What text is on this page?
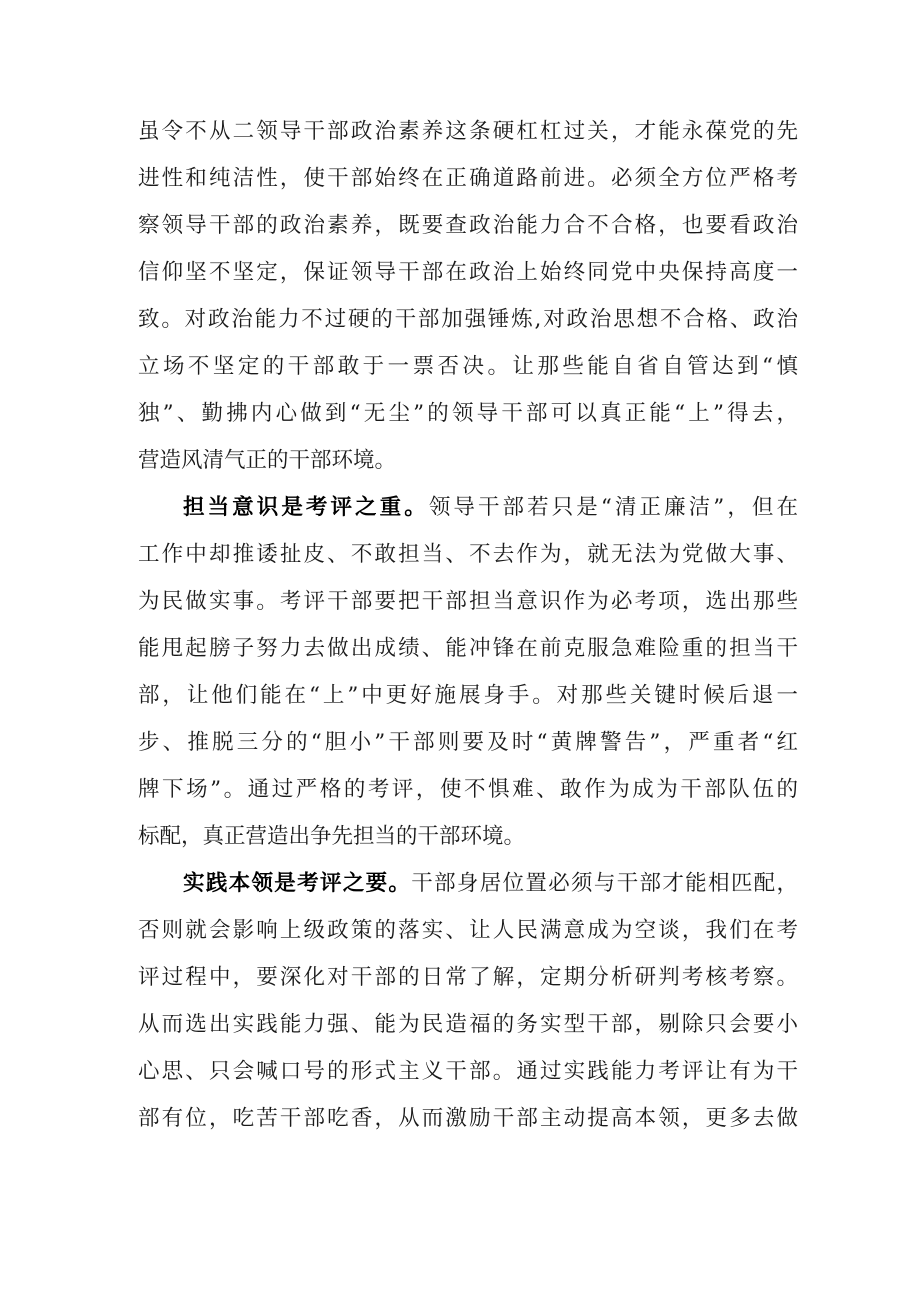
虽令不从二领导干部政治素养这条硬杠杠过关，才能永葆党的先
进性和纯洁性，使干部始终在正确道路前进。必须全方位严格考
察领导干部的政治素养，既要查政治能力合不合格，也要看政治
信仰坚不坚定，保证领导干部在政治上始终同党中央保持高度一
致。对政治能力不过硬的干部加强锤炼,对政治思想不合格、政治
立场不坚定的干部敢于一票否决。让那些能自省自管达到“慎
独”、勤拂内心做到“无尘”的领导干部可以真正能“上”得去，
营造风清气正的干部环境。
担当意识是考评之重。领导干部若只是“清正廉洁”，但在
工作中却推诿扯皮、不敢担当、不去作为，就无法为党做大事、
为民做实事。考评干部要把干部担当意识作为必考项，选出那些
能甩起膀子努力去做出成绩、能冲锋在前克服急难险重的担当干
部，让他们能在“上”中更好施展身手。对那些关键时候后退一
步、推脱三分的“胆小”干部则要及时“黄牌警告”，严重者“红
牌下场”。通过严格的考评，使不惧难、敢作为成为干部队伍的
标配，真正营造出争先担当的干部环境。
实践本领是考评之要。干部身居位置必须与干部才能相匹配，
否则就会影响上级政策的落实、让人民满意成为空谈，我们在考
评过程中，要深化对干部的日常了解，定期分析研判考核考察。
从而选出实践能力强、能为民造福的务实型干部，剔除只会要小
心思、只会喊口号的形式主义干部。通过实践能力考评让有为干
部有位，吃苦干部吃香，从而激励干部主动提高本领，更多去做
